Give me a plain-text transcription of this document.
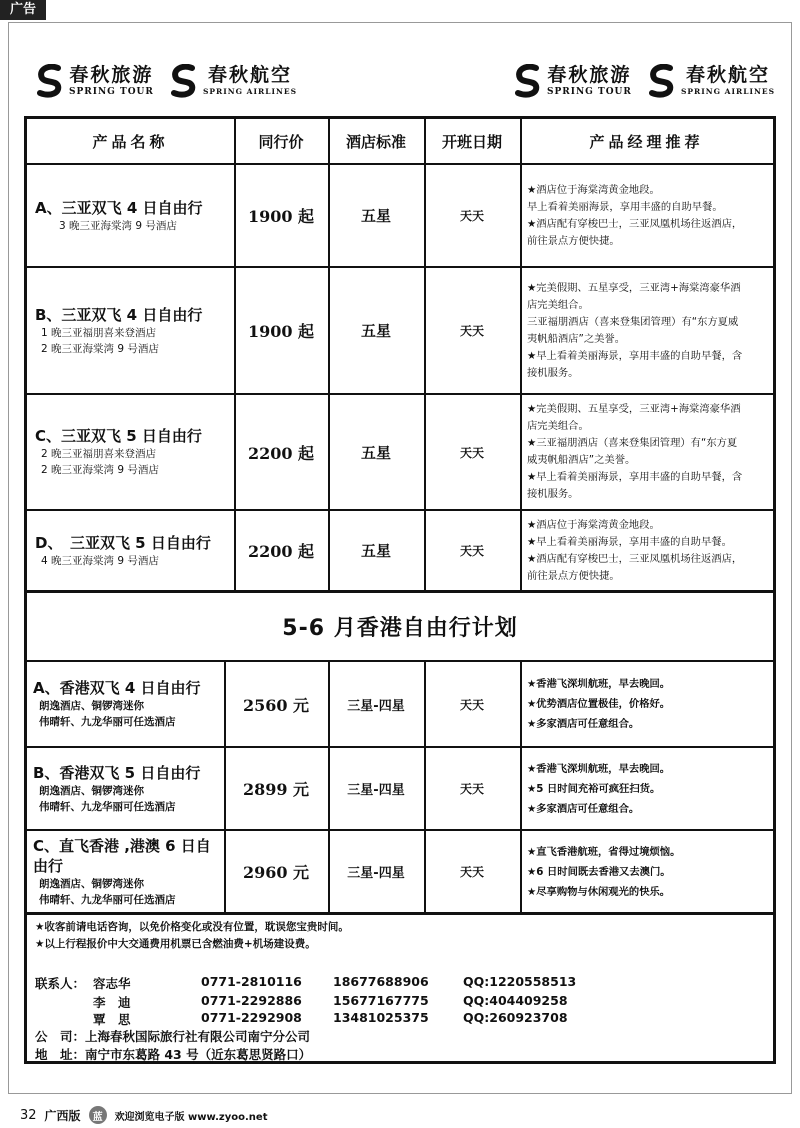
广告
春秋旅游
SPRING TOUR
春秋航空
SPRING AIRLINES
春秋旅游
SPRING TOUR
春秋航空
SPRING AIRLINES
产品名称	同行价	酒店标准	开班日期	产品经理推荐
A、三亚双飞 4 日自由行
3 晚三亚海棠湾 9 号酒店	1900 起	五星	天天

★酒店位于海棠湾黄金地段。

早上看着美丽海景，享用丰盛的自助早餐。

★酒店配有穿梭巴士，三亚凤凰机场往返酒店，

前往景点方便快捷。

B、三亚双飞 4 日自由行
1 晚三亚福朋喜来登酒店
2 晚三亚海棠湾 9 号酒店
1900 起	五星	天天

★完美假期、五星享受，三亚湾+海棠湾豪华酒

店完美组合。

三亚福朋酒店（喜来登集团管理）有“东方夏威

夷帆船酒店”之美誉。

★早上看着美丽海景，享用丰盛的自助早餐，含

接机服务。

C、三亚双飞 5 日自由行
2 晚三亚福朋喜来登酒店
2 晚三亚海棠湾 9 号酒店
2200 起	五星	天天

★完美假期、五星享受，三亚湾+海棠湾豪华酒

店完美组合。

★三亚福朋酒店（喜来登集团管理）有“东方夏

威夷帆船酒店”之美誉。

★早上看着美丽海景，享用丰盛的自助早餐，含

接机服务。

D、　三亚双飞 5 日自由行
4 晚三亚海棠湾 9 号酒店	2200 起	五星	天天

★酒店位于海棠湾黄金地段。

★早上看着美丽海景，享用丰盛的自助早餐。

★酒店配有穿梭巴士，三亚凤凰机场往返酒店，

前往景点方便快捷。

5-6 月香港自由行计划
A、香港双飞 4 日自由行
朗逸酒店、铜锣湾迷你
伟晴轩、九龙华丽可任选酒店
2560 元	三星-四星	天天

★香港飞深圳航班，早去晚回。

★优势酒店位置极佳，价格好。

★多家酒店可任意组合。

B、香港双飞 5 日自由行
朗逸酒店、铜锣湾迷你
伟晴轩、九龙华丽可任选酒店
2899 元	三星-四星	天天

★香港飞深圳航班，早去晚回。

★5 日时间充裕可疯狂扫货。

★多家酒店可任意组合。

C、直飞香港 ,港澳 6 日自由行
朗逸酒店、铜锣湾迷你
伟晴轩、九龙华丽可任选酒店
2960 元	三星-四星	天天

★直飞香港航班，省得过境烦恼。

★6 日时间既去香港又去澳门。

★尽享购物与休闲观光的快乐。

★收客前请电话咨询，以免价格变化或没有位置，耽误您宝贵时间。

★以上行程报价中大交通费用机票已含燃油费+机场建设费。

联系人： 容志华	0771-2810116 18677688906	QQ:1220558513
李　迪	0771-2292886 15677167775	QQ:404409258
覃　思	0771-2292908 13481025375	QQ:260923708
公　司：上海春秋国际旅行社有限公司南宁分公司
地　址：南宁市东葛路 43 号（近东葛思贤路口）
32 广西版	蓝	欢迎浏览电子版 www.zyoo.net
